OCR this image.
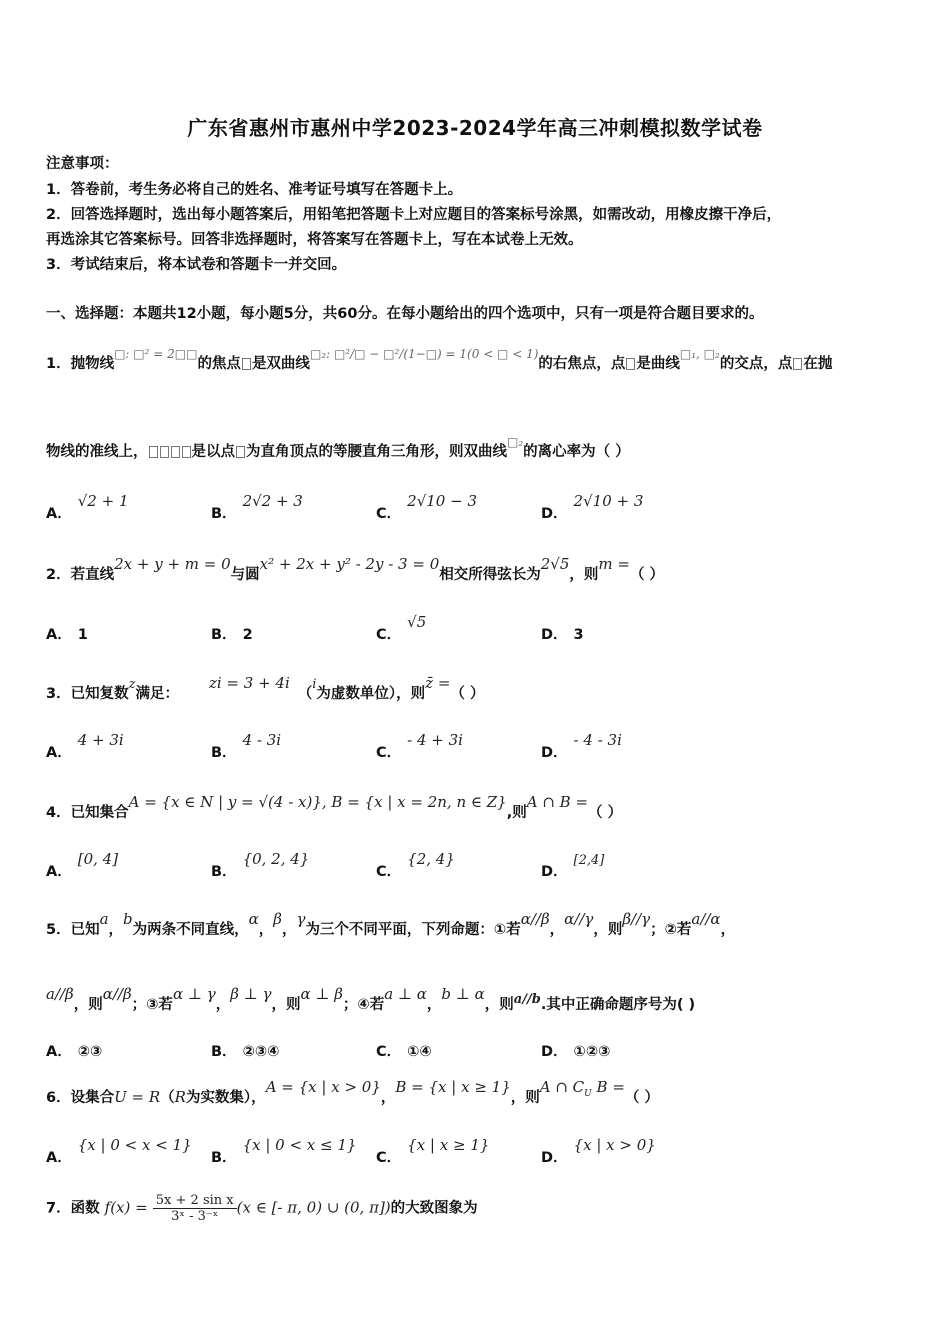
广东省惠州市惠州中学2023-2024学年高三冲刺模拟数学试卷
注意事项：
1．答卷前，考生务必将自己的姓名、准考证号填写在答题卡上。
2．回答选择题时，选出每小题答案后，用铅笔把答题卡上对应题目的答案标号涂黑，如需改动，用橡皮擦干净后，
再选涂其它答案标号。回答非选择题时，将答案写在答题卡上，写在本试卷上无效。
3．考试结束后，将本试卷和答题卡一并交回。
一、选择题：本题共12小题，每小题5分，共60分。在每小题给出的四个选项中，只有一项是符合题目要求的。
1．抛物线$^{□: □^2 = 2□□}$的焦点 是双曲线$^{□_2: □^2/□ - □^2/(1-□) = 1(0 < □ < 1)}$的右焦点，点 是曲线$^{□_1, □_2}$的交点，点 在抛
物线的准线上，	是以点 为直角顶点的等腰直角三角形，则双曲线$^{□_2}$的离心率为（ ）
A．√2 + 1
B．2√2 + 3
C．2√10 − 3
D．2√10 + 3
2．若直线2x + y + m = 0与圆x² + 2x + y² - 2y - 3 = 0相交所得弦长为2√5，则m =（ ）
A． 1	B． 2	C．√5
D． 3
3．已知复数z满足：zi = 3 + 4i（i为虚数单位），则z̄ =（ ）
A．4 + 3i
B．4 - 3i
C．- 4 + 3i
D．- 4 - 3i
4．已知集合A = {x ∈ N | y = √(4 - x)}, B = {x | x = 2n, n ∈ Z},则A ∩ B =（ ）
A．[0, 4]
B．{0, 2, 4}
C．{2, 4}
D．[2,4]
5．已知a，b为两条不同直线，α，β，γ为三个不同平面，下列命题：①若α//β，α//γ，则β//γ；②若a//α，
a//β，则α//β；③若α ⊥ γ，β ⊥ γ，则α ⊥ β；④若a ⊥ α，b ⊥ α，则a//b.其中正确命题序号为( )
A． ②③	B． ②③④	C． ①④	D． ①②③
6．设集合U = R（R为实数集），A = {x | x > 0}，B = {x | x ≥ 1}，则A ∩ $C_U$ B =（ ）
A．{x | 0 < x < 1}
B．{x | 0 < x ≤ 1}
C．{x | x ≥ 1}
D．{x | x > 0}
7．函数 $f(x) = \frac{\text{5x + 2 sin x}}{\text{3ˣ - 3⁻ˣ}} (x$ ∈ [- π, 0) ∪ (0, π])的大致图象为
